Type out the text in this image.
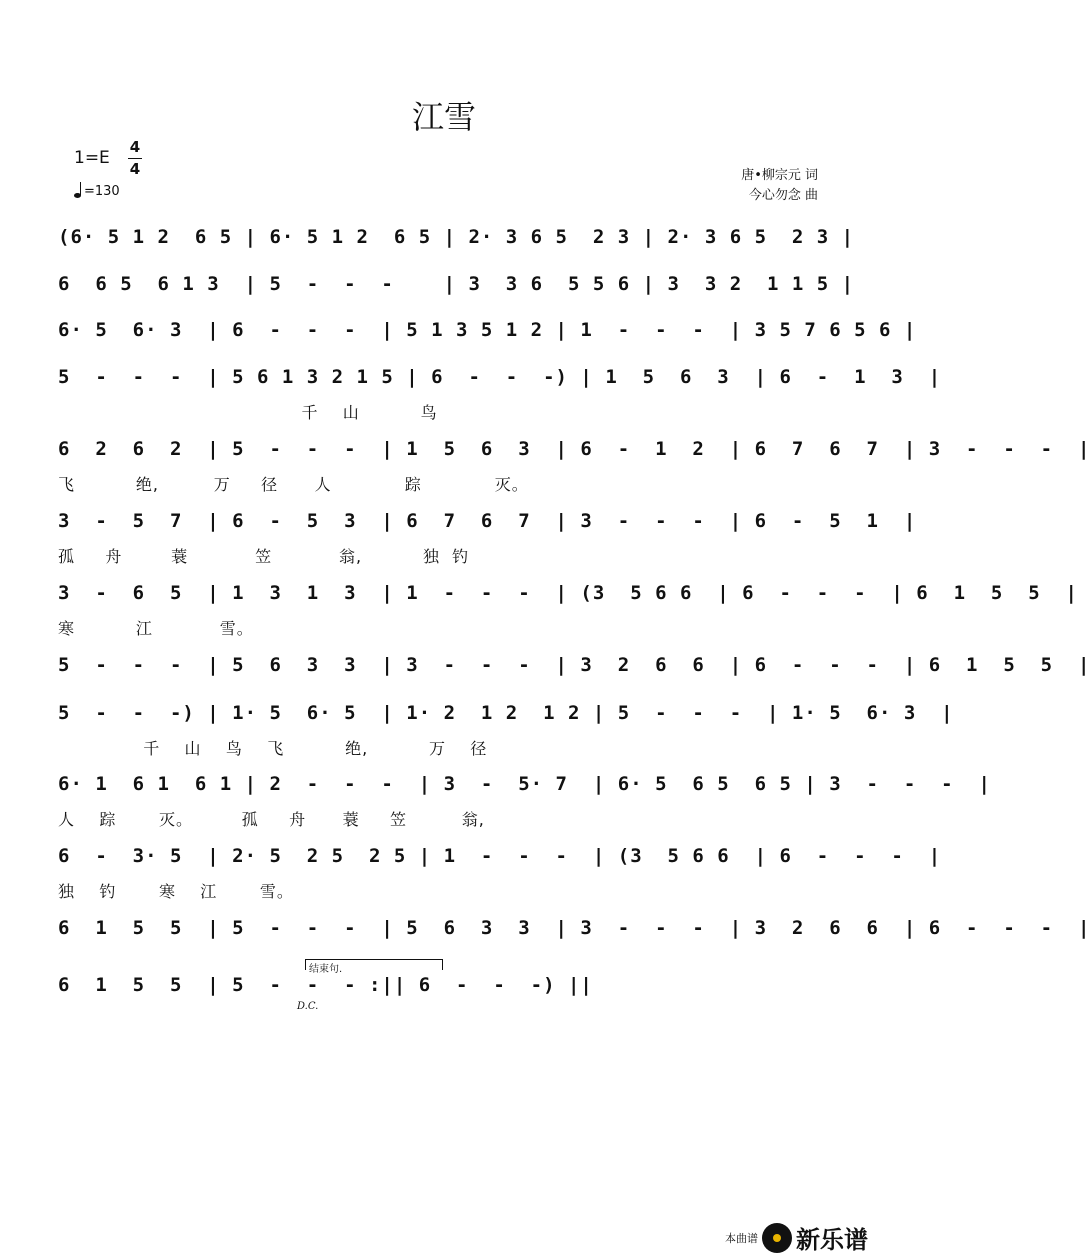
江雪
1=E
4
4
=130
唐•柳宗元 词
今心勿念 曲
(6· 5 1 2  6 5 | 6· 5 1 2  6 5 | 2· 3 6 5  2 3 | 2· 3 6 5  2 3 |
6  6 5  6 1 3  | 5  -  -  -    | 3  3 6  5 5 6 | 3  3 2  1 1 5 |
6· 5  6· 3  | 6  -  -  -  | 5 1 3 5 1 2 | 1  -  -  -  | 3 5 7 6 5 6 |
5  -  -  -  | 5 6 1 3 2 1 5 | 6  -  -  -) | 1  5  6  3  | 6  -  1  3  |
千    山          鸟
6  2  6  2  | 5  -  -  -  | 1  5  6  3  | 6  -  1  2  | 6  7  6  7  | 3  -  -  -  |
飞          绝,         万     径      人            踪            灭。
3  -  5  7  | 6  -  5  3  | 6  7  6  7  | 3  -  -  -  | 6  -  5  1  |
孤     舟        蓑           笠           翁,          独  钓
3  -  6  5  | 1  3  1  3  | 1  -  -  -  | (3  5 6 6  | 6  -  -  -  | 6  1  5  5  |
寒          江           雪。
5  -  -  -  | 5  6  3  3  | 3  -  -  -  | 3  2  6  6  | 6  -  -  -  | 6  1  5  5  |
5  -  -  -) | 1· 5  6· 5  | 1· 2  1 2  1 2 | 5  -  -  -  | 1· 5  6· 3  |
千    山    鸟    飞          绝,          万    径
6· 1  6 1  6 1 | 2  -  -  -  | 3  -  5· 7  | 6· 5  6 5  6 5 | 3  -  -  -  |
人    踪       灭。        孤     舟      蓑     笠         翁,
6  -  3· 5  | 2· 5  2 5  2 5 | 1  -  -  -  | (3  5 6 6  | 6  -  -  -  |
独    钓       寒    江       雪。
6  1  5  5  | 5  -  -  -  | 5  6  3  3  | 3  -  -  -  | 3  2  6  6  | 6  -  -  -  |
6  1  5  5  | 5  -  -  - :|| 6  -  -  -) ||
结束句.
D.C.
本曲谱 新乐谱
